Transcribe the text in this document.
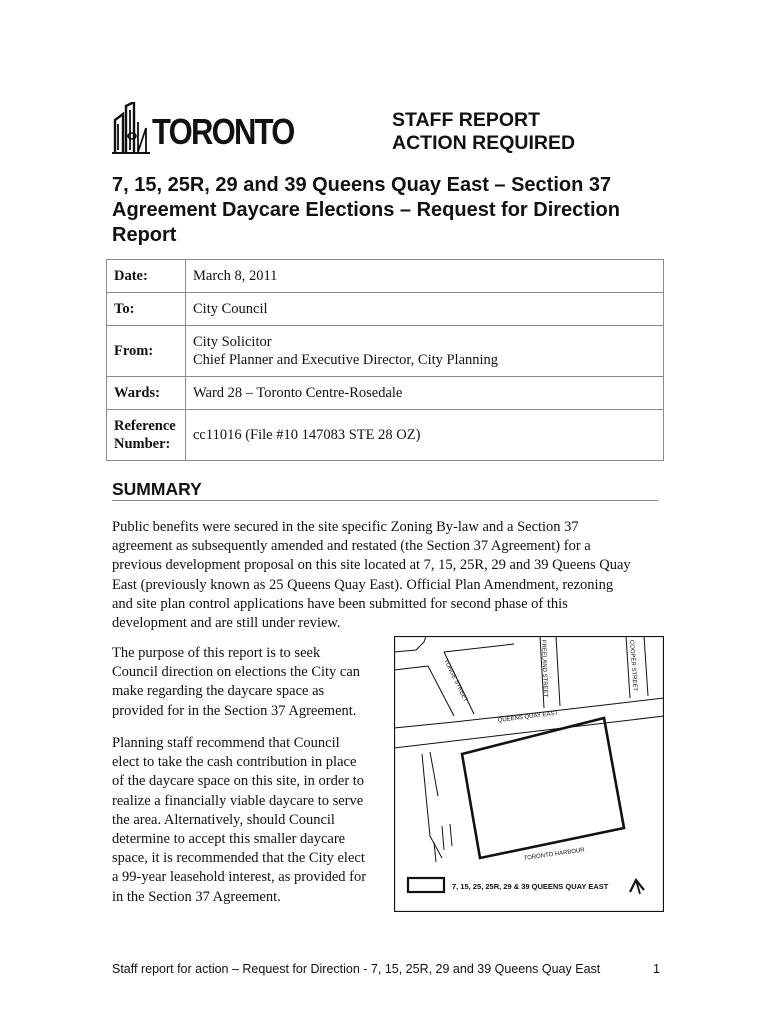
TORONTO	STAFF REPORT
ACTION REQUIRED
7, 15, 25R, 29 and 39 Queens Quay East – Section 37
Agreement Daycare Elections – Request for Direction
Report
Date:	March 8, 2011
To:	City Council
From:	City Solicitor
Chief Planner and Executive Director, City Planning

Wards:	Ward 28 – Toronto Centre-Rosedale

Reference
Number:	cc11016 (File #10 147083 STE 28 OZ)
SUMMARY
Public benefits were secured in the site specific Zoning By-law and a Section 37
agreement as subsequently amended and restated (the Section 37 Agreement) for a
previous development proposal on this site located at 7, 15, 25R, 29 and 39 Queens Quay
East (previously known as 25 Queens Quay East). Official Plan Amendment, rezoning
and site plan control applications have been submitted for second phase of this
development and are still under review.
The purpose of this report is to seek
Council direction on elections the City can
make regarding the daycare space as
provided for in the Section 37 Agreement.
Planning staff recommend that Council
elect to take the cash contribution in place
of the daycare space on this site, in order to
realize a financially viable daycare to serve
the area. Alternatively, should Council
determine to accept this smaller daycare
space, it is recommended that the City elect
a 99-year leasehold interest, as provided for
in the Section 37 Agreement.
YONGE STREET	FREELAND STREET	COOPER STREET
QUEENS QUAY EAST
TORONTO HARBOUR
7, 15, 25, 25R, 29 & 39 QUEENS QUAY EAST
Staff report for action – Request for Direction - 7, 15, 25R, 29 and 39 Queens Quay East	1
